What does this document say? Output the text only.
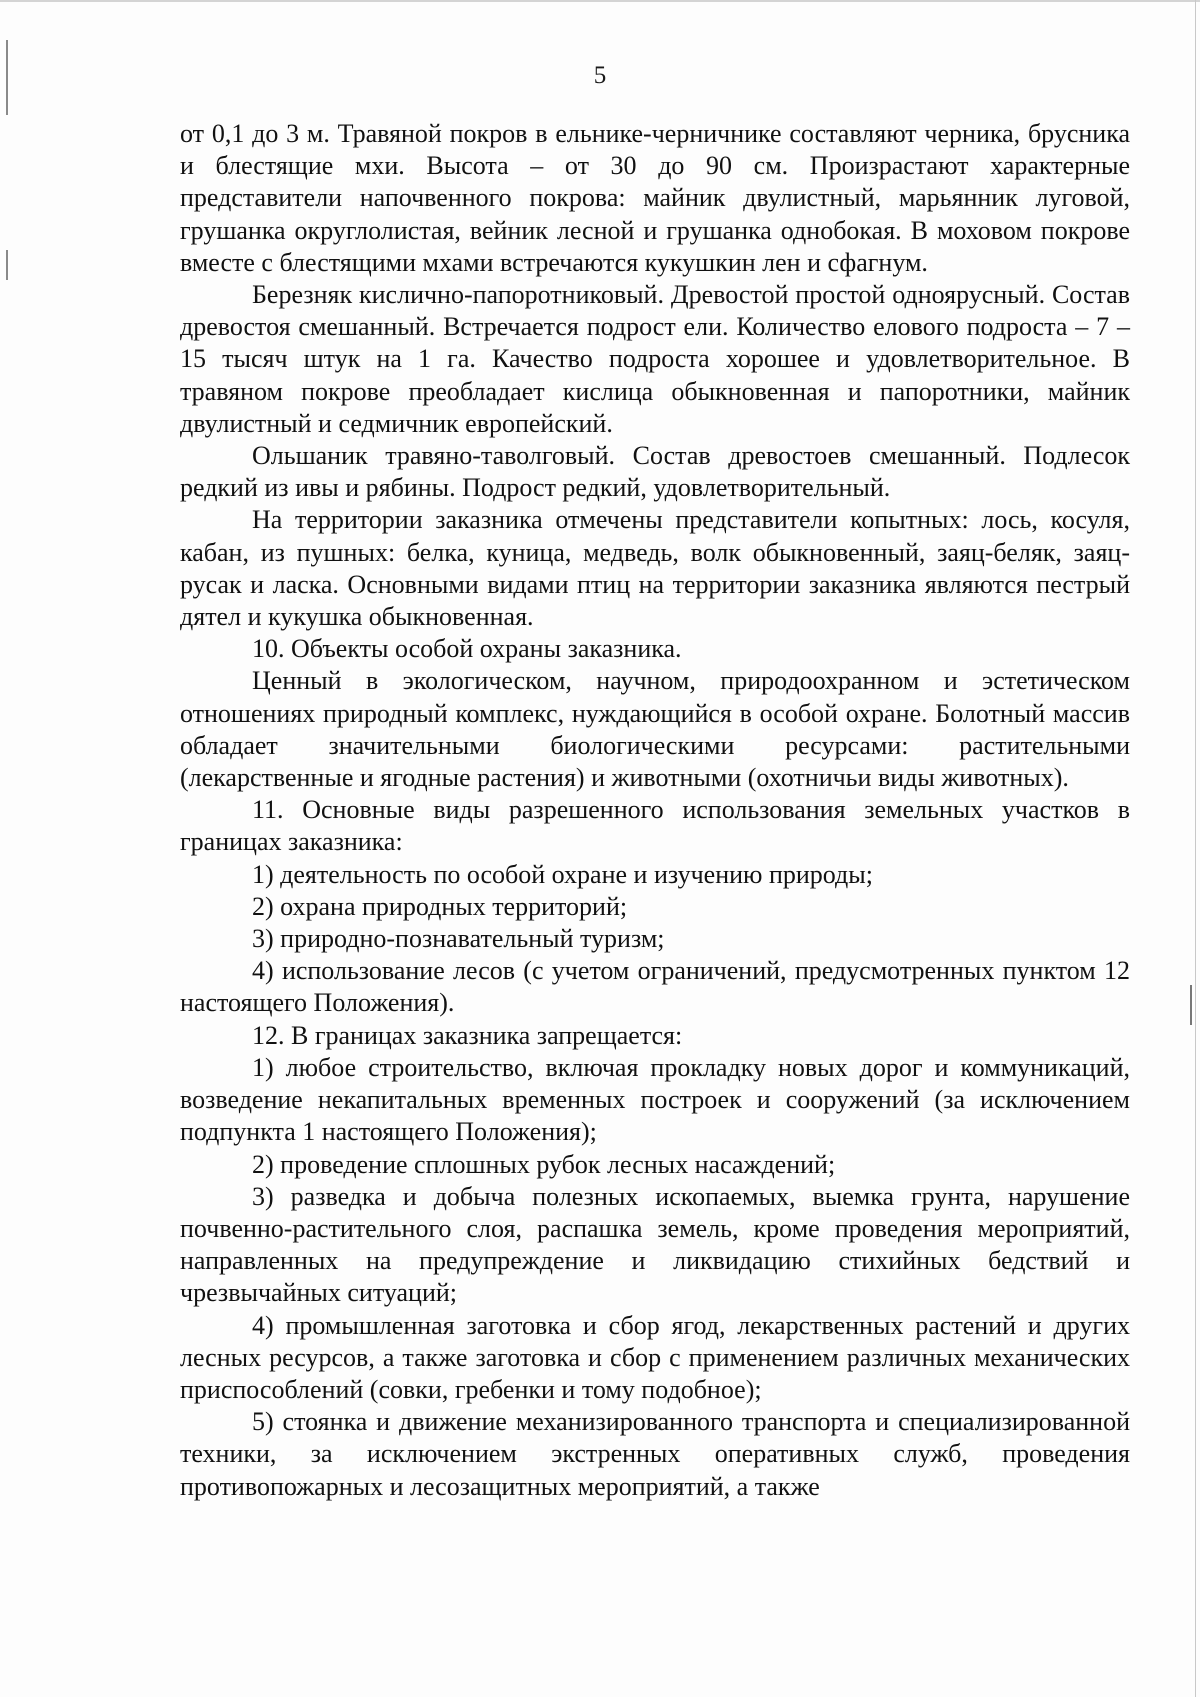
5

от 0,1 до 3 м. Травяной покров в ельнике-черничнике составляют черника, брусника и блестящие мхи. Высота – от 30 до 90 см. Произрастают характерные представители напочвенного покрова: майник двулистный, марьянник луговой, грушанка округлолистая, вейник лесной и грушанка однобокая. В моховом покрове вместе с блестящими мхами встречаются кукушкин лен и сфагнум.

Березняк кислично-папоротниковый. Древостой простой одноярусный. Состав древостоя смешанный. Встречается подрост ели. Количество елового подроста – 7 – 15 тысяч штук на 1 га. Качество подроста хорошее и удовлетворительное. В травяном покрове преобладает кислица обыкновенная и папоротники, майник двулистный и седмичник европейский.

Ольшаник травяно-таволговый. Состав древостоев смешанный. Подлесок редкий из ивы и рябины. Подрост редкий, удовлетворительный.

На территории заказника отмечены представители копытных: лось, косуля, кабан, из пушных: белка, куница, медведь, волк обыкновенный, заяц-беляк, заяц-русак и ласка. Основными видами птиц на территории заказника являются пестрый дятел и кукушка обыкновенная.

10. Объекты особой охраны заказника.

Ценный в экологическом, научном, природоохранном и эстетическом отношениях природный комплекс, нуждающийся в особой охране. Болотный массив обладает значительными биологическими ресурсами: растительными (лекарственные и ягодные растения) и животными (охотничьи виды животных).

11. Основные виды разрешенного использования земельных участков в границах заказника:

1) деятельность по особой охране и изучению природы;

2) охрана природных территорий;

3) природно-познавательный туризм;

4) использование лесов (с учетом ограничений, предусмотренных пунктом 12 настоящего Положения).

12. В границах заказника запрещается:

1) любое строительство, включая прокладку новых дорог и коммуникаций, возведение некапитальных временных построек и сооружений (за исключением подпункта 1 настоящего Положения);

2) проведение сплошных рубок лесных насаждений;

3) разведка и добыча полезных ископаемых, выемка грунта, нарушение почвенно-растительного слоя, распашка земель, кроме проведения мероприятий, направленных на предупреждение и ликвидацию стихийных бедствий и чрезвычайных ситуаций;

4) промышленная заготовка и сбор ягод, лекарственных растений и других лесных ресурсов, а также заготовка и сбор с применением различных механических приспособлений (совки, гребенки и тому подобное);

5) стоянка и движение механизированного транспорта и специализированной техники, за исключением экстренных оперативных служб, проведения противопожарных и лесозащитных мероприятий, а также
